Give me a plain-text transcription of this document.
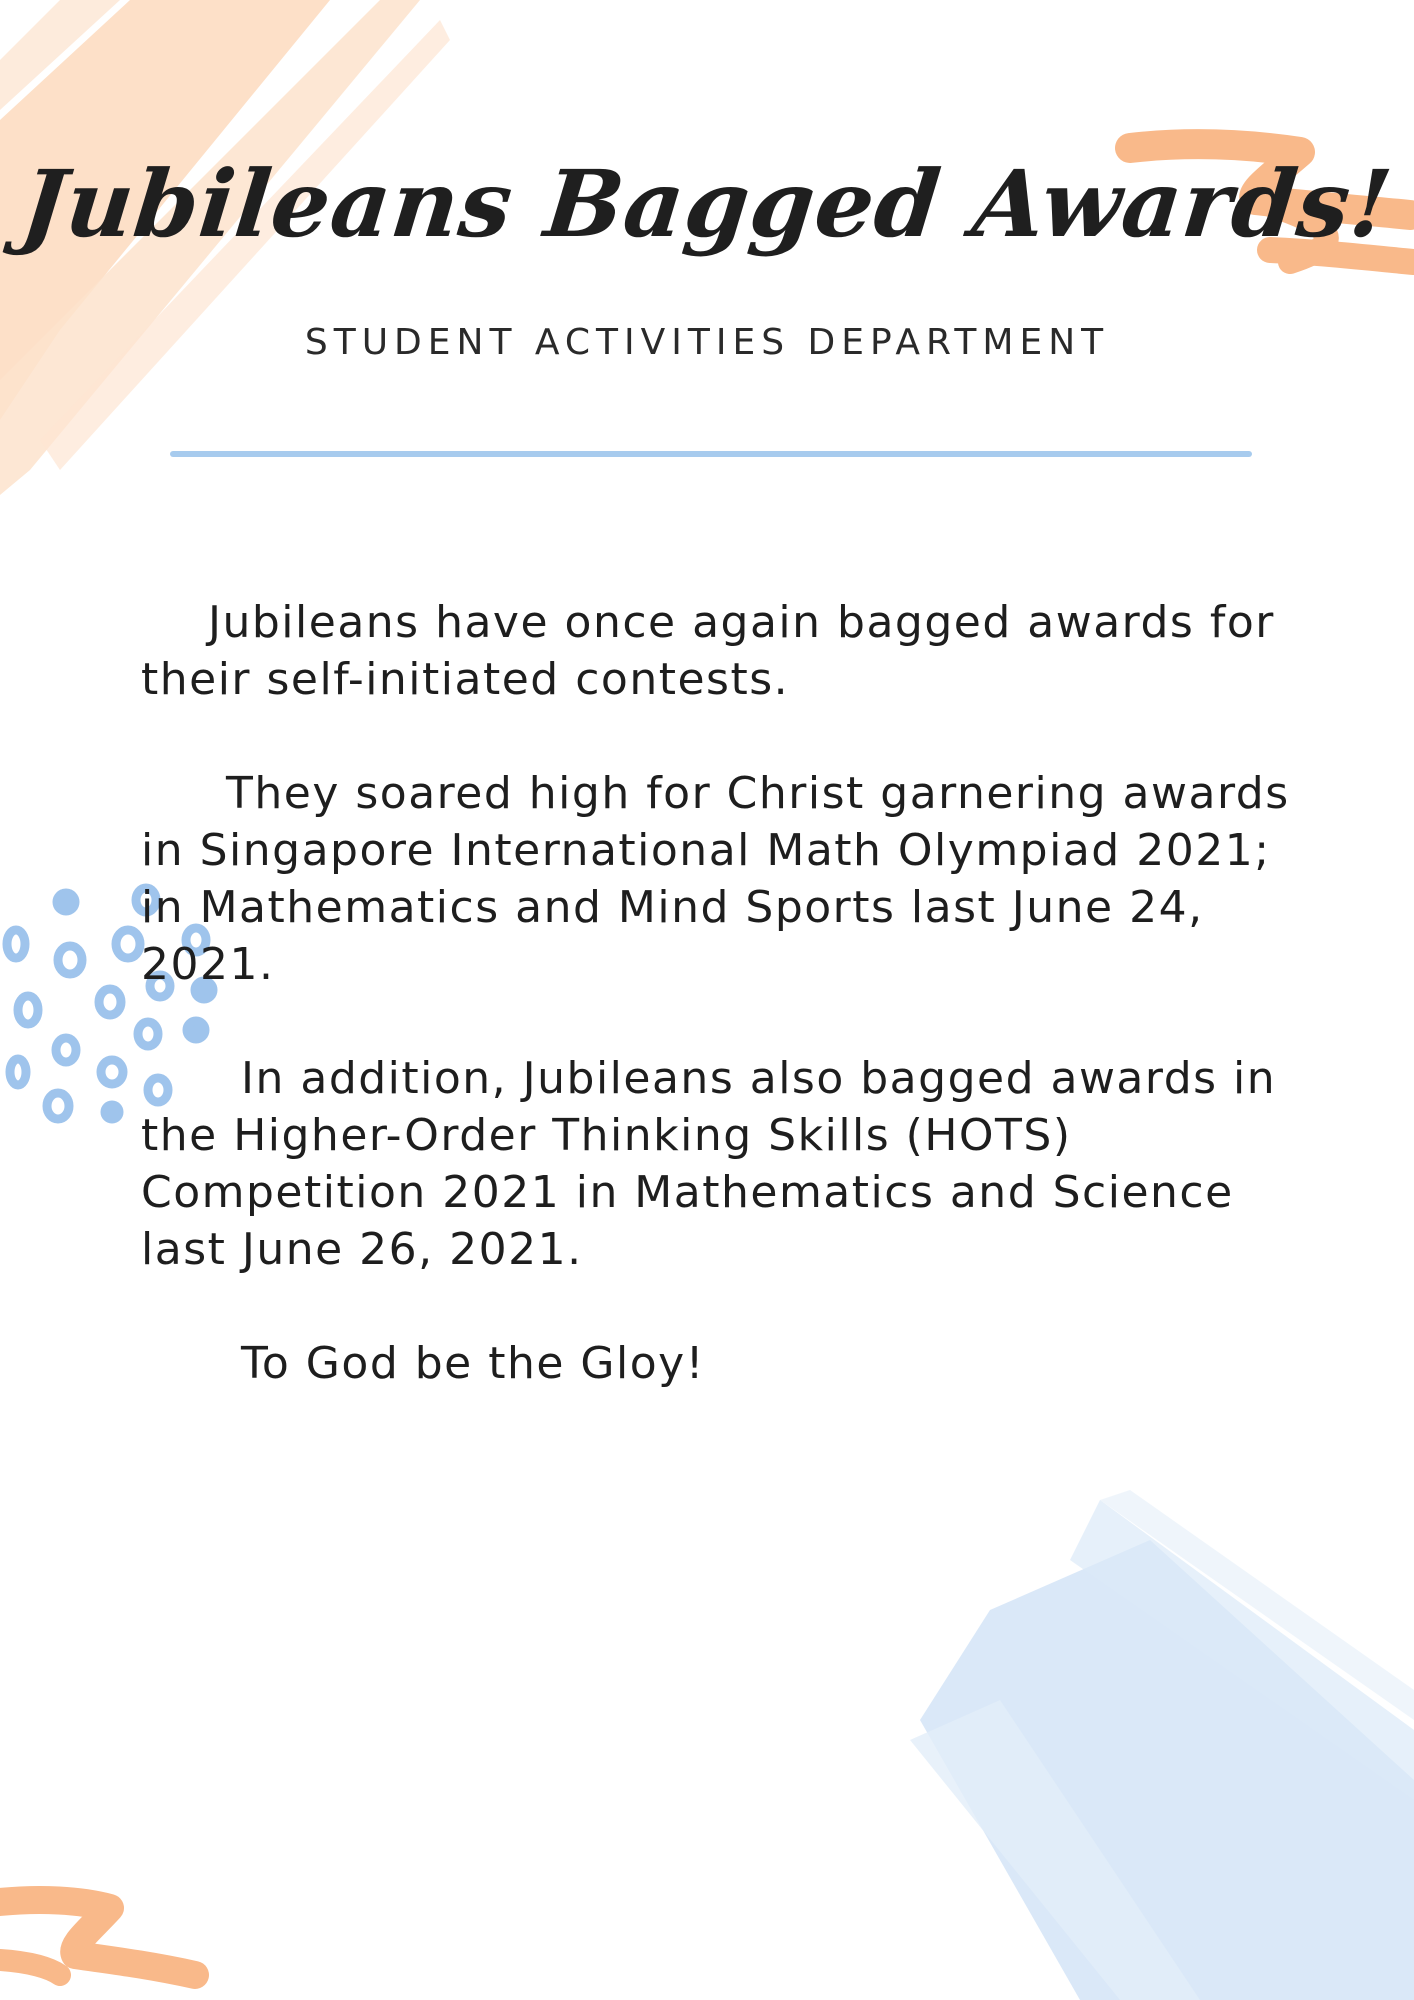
Jubileans Bagged Awards!
STUDENT ACTIVITIES DEPARTMENT

Jubileans have once again bagged awards for
their self-initiated contests.

They soared high for Christ garnering awards
in Singapore International Math Olympiad 2021;
in Mathematics and Mind Sports last June 24,
2021.

In addition, Jubileans also bagged awards in
the Higher-Order Thinking Skills (HOTS)
Competition 2021 in Mathematics and Science
last June 26, 2021.

To God be the Gloy!
